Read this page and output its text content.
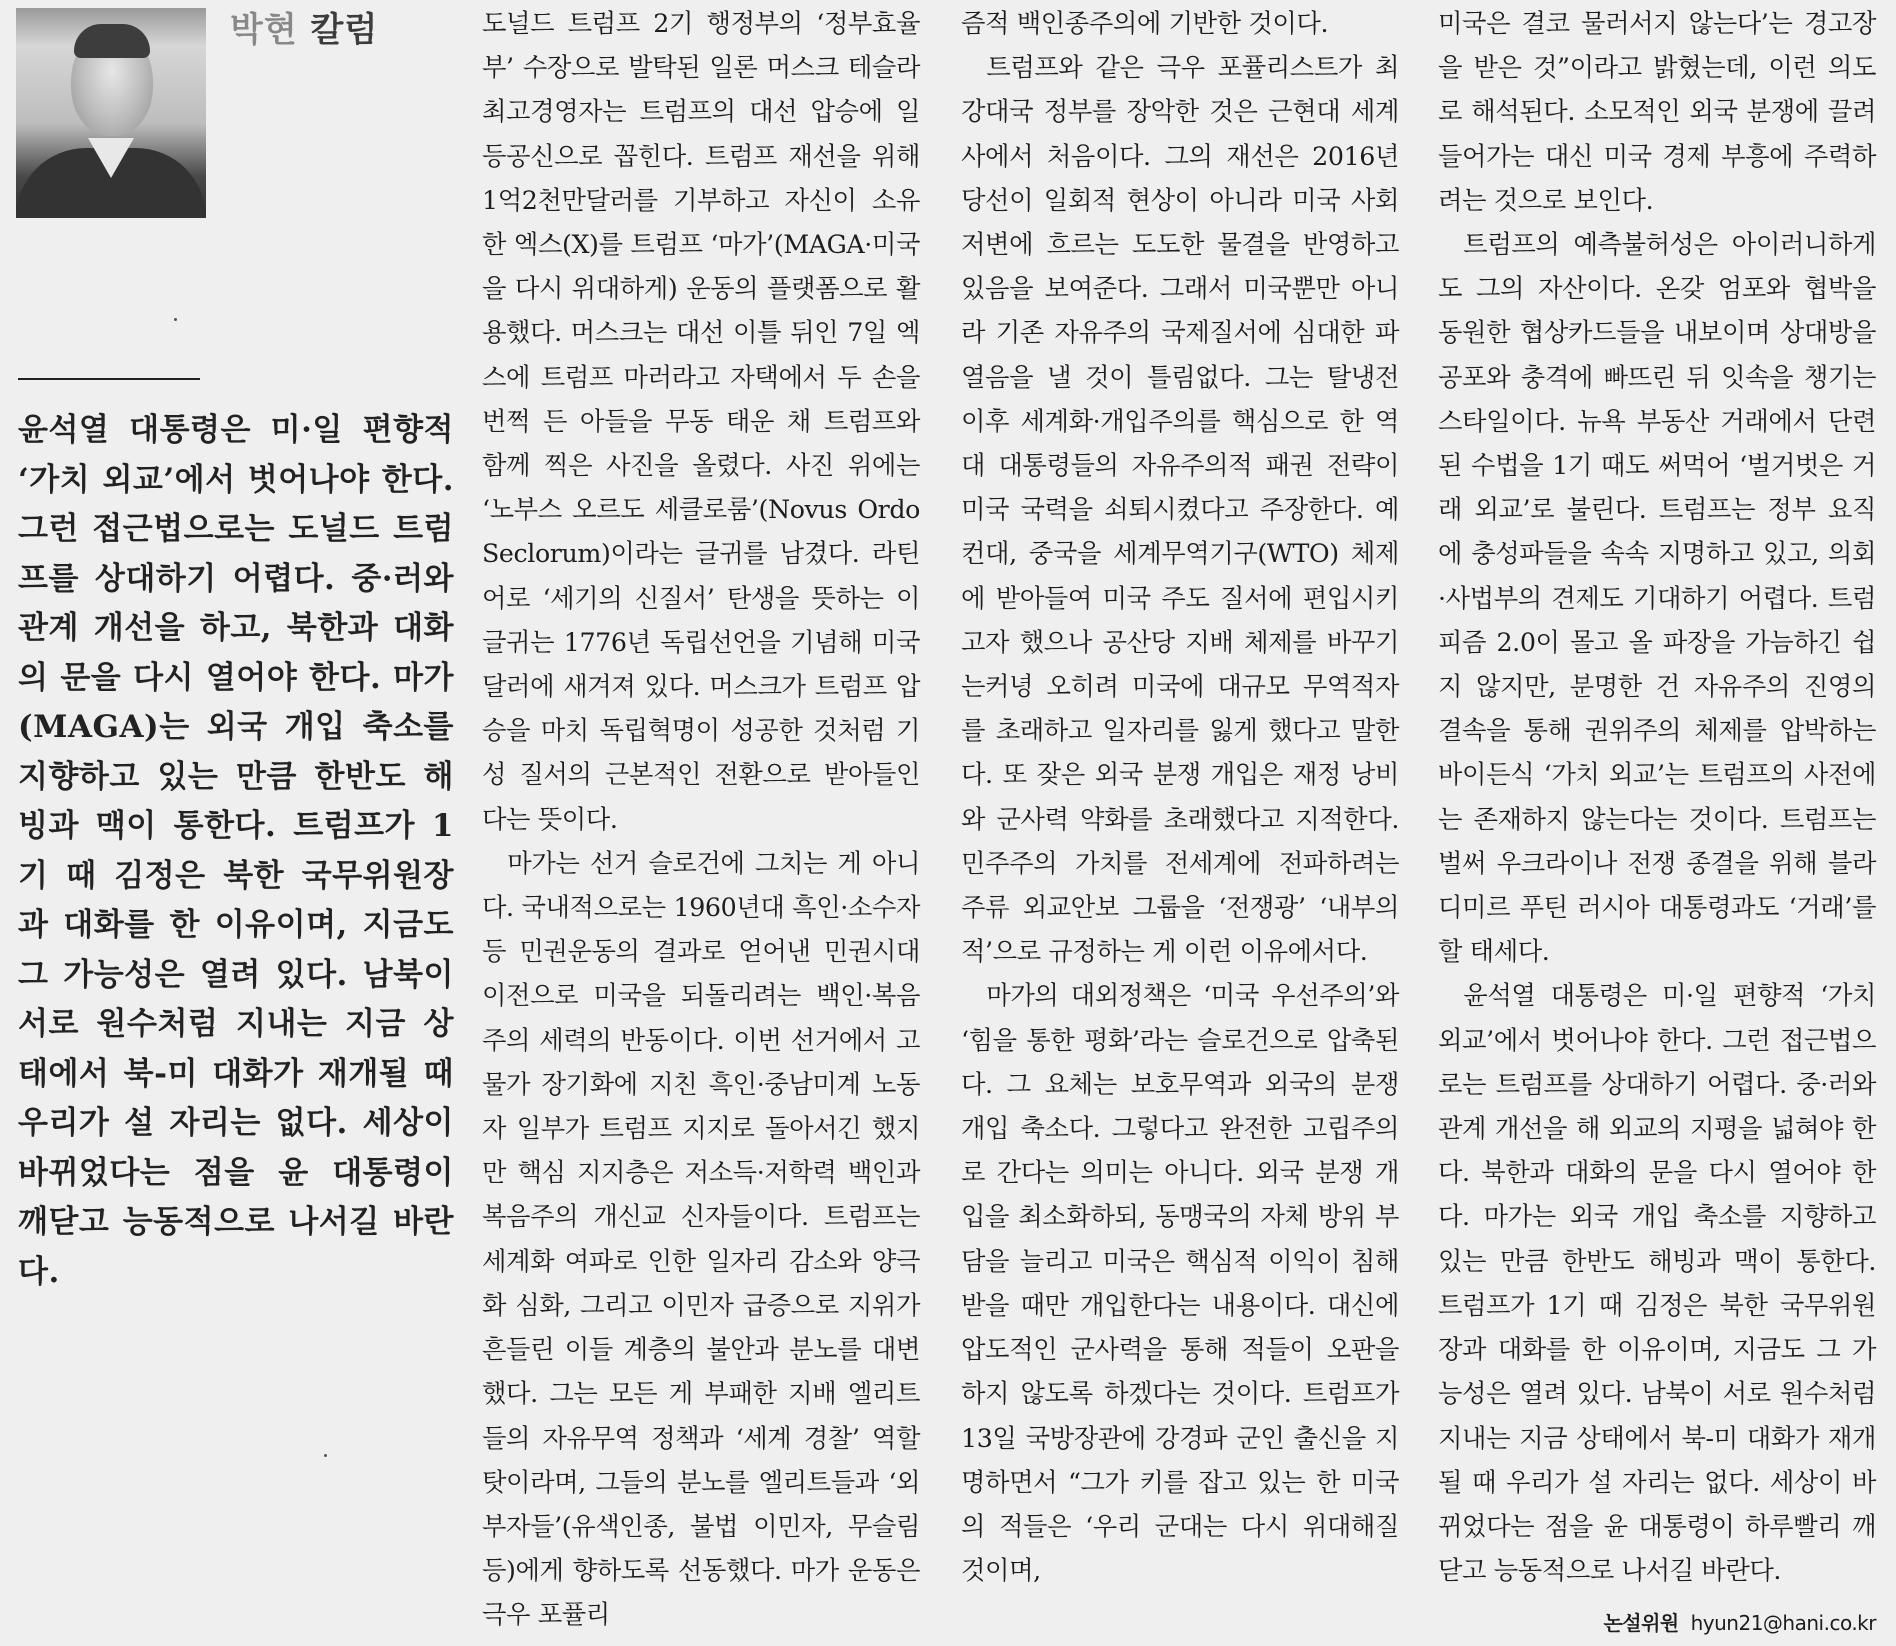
박현 칼럼
윤석열 대통령은 미·일 편향적 ‘가치 외교’에서 벗어나야 한다. 그런 접근법으로는 도널드 트럼프를 상대하기 어렵다. 중·러와 관계 개선을 하고, 북한과 대화의 문을 다시 열어야 한다. 마가(MAGA)는 외국 개입 축소를 지향하고 있는 만큼 한반도 해빙과 맥이 통한다. 트럼프가 1기 때 김정은 북한 국무위원장과 대화를 한 이유이며, 지금도 그 가능성은 열려 있다. 남북이 서로 원수처럼 지내는 지금 상태에서 북-미 대화가 재개될 때 우리가 설 자리는 없다. 세상이 바뀌었다는 점을 윤 대통령이 깨닫고 능동적으로 나서길 바란다.

도널드 트럼프 2기 행정부의 ‘정부효율부’ 수장으로 발탁된 일론 머스크 테슬라 최고경영자는 트럼프의 대선 압승에 일등공신으로 꼽힌다. 트럼프 재선을 위해 1억2천만달러를 기부하고 자신이 소유한 엑스(X)를 트럼프 ‘마가’(MAGA·미국을 다시 위대하게) 운동의 플랫폼으로 활용했다. 머스크는 대선 이틀 뒤인 7일 엑스에 트럼프 마러라고 자택에서 두 손을 번쩍 든 아들을 무동 태운 채 트럼프와 함께 찍은 사진을 올렸다. 사진 위에는 ‘노부스 오르도 세클로룸’(Novus Ordo Seclorum)이라는 글귀를 남겼다. 라틴어로 ‘세기의 신질서’ 탄생을 뜻하는 이 글귀는 1776년 독립선언을 기념해 미국 달러에 새겨져 있다. 머스크가 트럼프 압승을 마치 독립혁명이 성공한 것처럼 기성 질서의 근본적인 전환으로 받아들인다는 뜻이다.

마가는 선거 슬로건에 그치는 게 아니다. 국내적으로는 1960년대 흑인·소수자 등 민권운동의 결과로 얻어낸 민권시대 이전으로 미국을 되돌리려는 백인·복음주의 세력의 반동이다. 이번 선거에서 고물가 장기화에 지친 흑인·중남미계 노동자 일부가 트럼프 지지로 돌아서긴 했지만 핵심 지지층은 저소득·저학력 백인과 복음주의 개신교 신자들이다. 트럼프는 세계화 여파로 인한 일자리 감소와 양극화 심화, 그리고 이민자 급증으로 지위가 흔들린 이들 계층의 불안과 분노를 대변했다. 그는 모든 게 부패한 지배 엘리트들의 자유무역 정책과 ‘세계 경찰’ 역할 탓이라며, 그들의 분노를 엘리트들과 ‘외부자들’(유색인종, 불법 이민자, 무슬림 등)에게 향하도록 선동했다. 마가 운동은 극우 포퓰리

즘적 백인종주의에 기반한 것이다.

트럼프와 같은 극우 포퓰리스트가 최강대국 정부를 장악한 것은 근현대 세계사에서 처음이다. 그의 재선은 2016년 당선이 일회적 현상이 아니라 미국 사회 저변에 흐르는 도도한 물결을 반영하고 있음을 보여준다. 그래서 미국뿐만 아니라 기존 자유주의 국제질서에 심대한 파열음을 낼 것이 틀림없다. 그는 탈냉전 이후 세계화·개입주의를 핵심으로 한 역대 대통령들의 자유주의적 패권 전략이 미국 국력을 쇠퇴시켰다고 주장한다. 예컨대, 중국을 세계무역기구(WTO) 체제에 받아들여 미국 주도 질서에 편입시키고자 했으나 공산당 지배 체제를 바꾸기는커녕 오히려 미국에 대규모 무역적자를 초래하고 일자리를 잃게 했다고 말한다. 또 잦은 외국 분쟁 개입은 재정 낭비와 군사력 약화를 초래했다고 지적한다. 민주주의 가치를 전세계에 전파하려는 주류 외교안보 그룹을 ‘전쟁광’ ‘내부의 적’으로 규정하는 게 이런 이유에서다.

마가의 대외정책은 ‘미국 우선주의’와 ‘힘을 통한 평화’라는 슬로건으로 압축된다. 그 요체는 보호무역과 외국의 분쟁 개입 축소다. 그렇다고 완전한 고립주의로 간다는 의미는 아니다. 외국 분쟁 개입을 최소화하되, 동맹국의 자체 방위 부담을 늘리고 미국은 핵심적 이익이 침해받을 때만 개입한다는 내용이다. 대신에 압도적인 군사력을 통해 적들이 오판을 하지 않도록 하겠다는 것이다. 트럼프가 13일 국방장관에 강경파 군인 출신을 지명하면서 “그가 키를 잡고 있는 한 미국의 적들은 ‘우리 군대는 다시 위대해질 것이며,

미국은 결코 물러서지 않는다’는 경고장을 받은 것”이라고 밝혔는데, 이런 의도로 해석된다. 소모적인 외국 분쟁에 끌려들어가는 대신 미국 경제 부흥에 주력하려는 것으로 보인다.

트럼프의 예측불허성은 아이러니하게도 그의 자산이다. 온갖 엄포와 협박을 동원한 협상카드들을 내보이며 상대방을 공포와 충격에 빠뜨린 뒤 잇속을 챙기는 스타일이다. 뉴욕 부동산 거래에서 단련된 수법을 1기 때도 써먹어 ‘벌거벗은 거래 외교’로 불린다. 트럼프는 정부 요직에 충성파들을 속속 지명하고 있고, 의회·사법부의 견제도 기대하기 어렵다. 트럼피즘 2.0이 몰고 올 파장을 가늠하긴 쉽지 않지만, 분명한 건 자유주의 진영의 결속을 통해 권위주의 체제를 압박하는 바이든식 ‘가치 외교’는 트럼프의 사전에는 존재하지 않는다는 것이다. 트럼프는 벌써 우크라이나 전쟁 종결을 위해 블라디미르 푸틴 러시아 대통령과도 ‘거래’를 할 태세다.

윤석열 대통령은 미·일 편향적 ‘가치 외교’에서 벗어나야 한다. 그런 접근법으로는 트럼프를 상대하기 어렵다. 중·러와 관계 개선을 해 외교의 지평을 넓혀야 한다. 북한과 대화의 문을 다시 열어야 한다. 마가는 외국 개입 축소를 지향하고 있는 만큼 한반도 해빙과 맥이 통한다. 트럼프가 1기 때 김정은 북한 국무위원장과 대화를 한 이유이며, 지금도 그 가능성은 열려 있다. 남북이 서로 원수처럼 지내는 지금 상태에서 북-미 대화가 재개될 때 우리가 설 자리는 없다. 세상이 바뀌었다는 점을 윤 대통령이 하루빨리 깨닫고 능동적으로 나서길 바란다.

논설위원 hyun21@hani.co.kr
